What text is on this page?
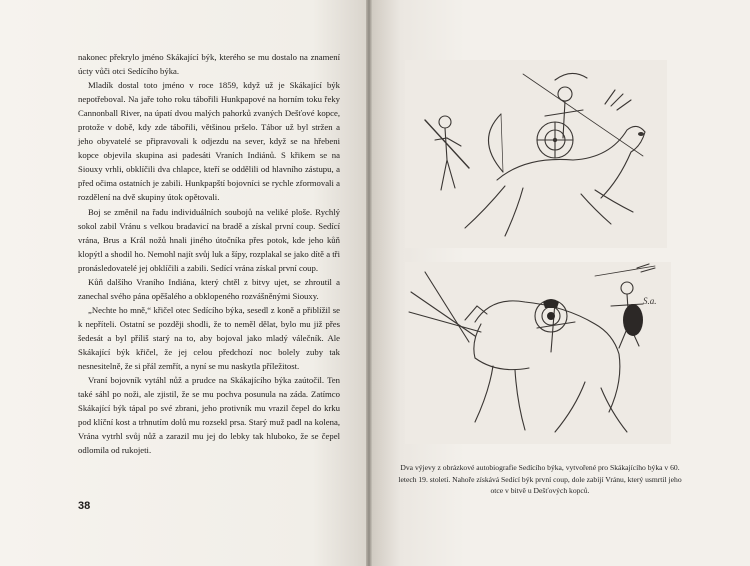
nakonec překrylo jméno Skákající býk, kterého se mu dostalo na znamení úcty vůči otci Sedícího býka.

Mladík dostal toto jméno v roce 1859, když už je Skákající býk nepotřeboval. Na jaře toho roku tábořili Hunkpapové na horním toku řeky Cannonball River, na úpatí dvou malých pahorků zvaných Dešťové kopce, protože v době, kdy zde tábořili, většinou pršelo. Tábor už byl stržen a jeho obyvatelé se připravovali k odjezdu na sever, když se na hřebeni kopce objevila skupina asi padesáti Vraních Indiánů. S křikem se na Siouxy vrhli, obklíčili dva chlapce, kteří se oddělili od hlavního zástupu, a před očima ostatních je zabili. Hunkpapští bojovníci se rychle zformovali a rozdělení na dvě skupiny útok opětovali.

Boj se změnil na řadu individuálních soubojů na veliké ploše. Rychlý sokol zabil Vránu s velkou bradavicí na bradě a získal první coup. Sedící vrána, Brus a Král nožů hnali jiného útočníka přes potok, kde jeho kůň klopýtl a shodil ho. Nemohl najít svůj luk a šípy, rozplakal se jako dítě a tři pronásledovatelé jej obklíčili a zabili. Sedící vrána získal první coup.

Kůň dalšího Vraního Indiána, který chtěl z bitvy ujet, se zhroutil a zanechal svého pána opěšalého a obklopeného rozvášněnými Siouxy.

„Nechte ho mně,“ křičel otec Sedícího býka, sesedl z koně a přiblížil se k nepříteli. Ostatní se později shodli, že to neměl dělat, bylo mu již přes šedesát a byl příliš starý na to, aby bojoval jako mladý válečník. Ale Skákající býk křičel, že jej celou předchozí noc bolely zuby tak nesnesitelně, že si přál zemřít, a nyní se mu naskytla příležitost.

Vraní bojovník vytáhl nůž a prudce na Skákajícího býka zaútočil. Ten také sáhl po noži, ale zjistil, že se mu pochva posunula na záda. Zatímco Skákající býk tápal po své zbrani, jeho protivník mu vrazil čepel do krku pod klíční kost a trhnutím dolů mu rozsekl prsa. Starý muž padl na kolena, Vrána vytrhl svůj nůž a zarazil mu jej do lebky tak hluboko, že se čepel odlomila od rukojeti.

38
S.a.
Dva výjevy z obrázkové autobiografie Sedícího býka, vytvořené pro Skákajícího býka v 60. letech 19. století. Nahoře získává Sedící býk první coup, dole zabíjí Vránu, který usmrtil jeho otce v bitvě u Dešťových kopců.
